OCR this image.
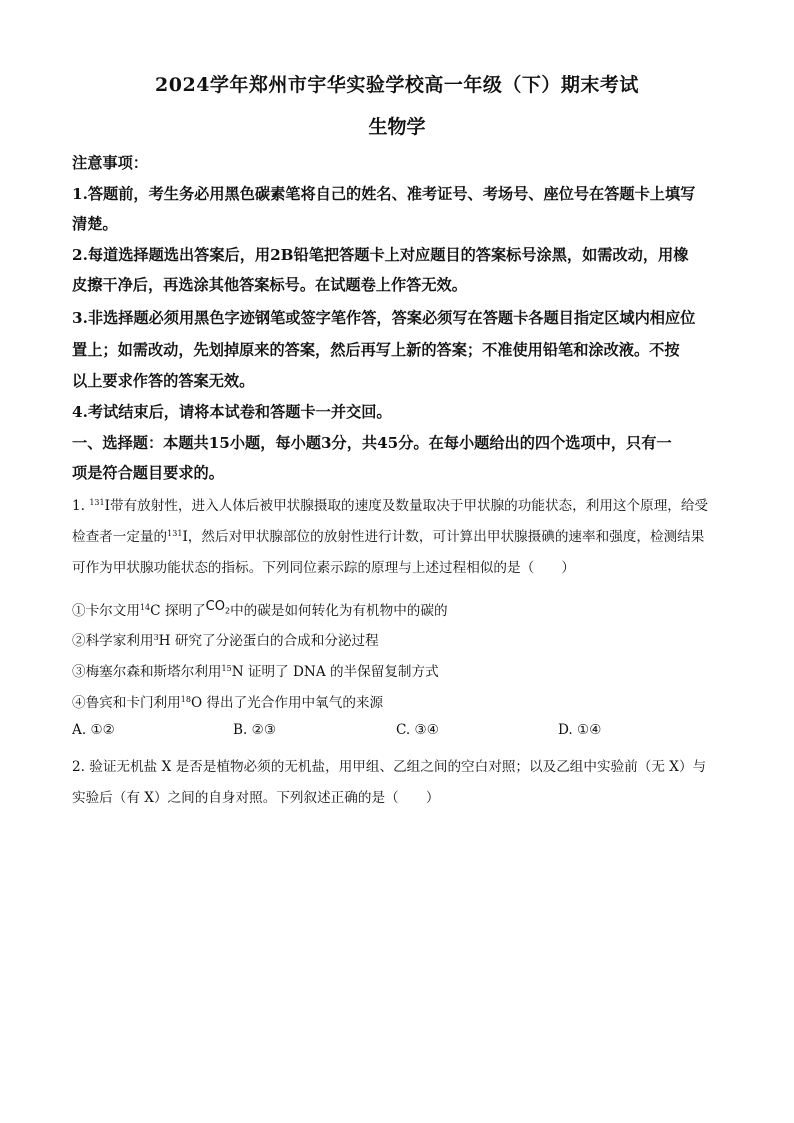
2024学年郑州市宇华实验学校高一年级（下）期末考试
生物学
注意事项：
1.答题前，考生务必用黑色碳素笔将自己的姓名、准考证号、考场号、座位号在答题卡上填写
清楚。
2.每道选择题选出答案后，用2B铅笔把答题卡上对应题目的答案标号涂黑，如需改动，用橡
皮擦干净后，再选涂其他答案标号。在试题卷上作答无效。
3.非选择题必须用黑色字迹钢笔或签字笔作答，答案必须写在答题卡各题目指定区域内相应位
置上；如需改动，先划掉原来的答案，然后再写上新的答案；不准使用铅笔和涂改液。不按
以上要求作答的答案无效。
4.考试结束后，请将本试卷和答题卡一并交回。
一、选择题：本题共15小题，每小题3分，共45分。在每小题给出的四个选项中，只有一
项是符合题目要求的。
1. $^{131}$I带有放射性，进入人体后被甲状腺摄取的速度及数量取决于甲状腺的功能状态，利用这个原理，给受
检查者一定量的$^{131}$I，然后对甲状腺部位的放射性进行计数，可计算出甲状腺摄碘的速率和强度，检测结果
可作为甲状腺功能状态的指标。下列同位素示踪的原理与上述过程相似的是（　　）
①卡尔文用$^{14}$C 探明了$CO_2$中的碳是如何转化为有机物中的碳的
②科学家利用$^3$H 研究了分泌蛋白的合成和分泌过程
③梅塞尔森和斯塔尔利用$^{15}$N 证明了 DNA 的半保留复制方式
④鲁宾和卡门利用$^{18}$O 得出了光合作用中氧气的来源
A. ①②	B. ②③	C. ③④	D. ①④
2. 验证无机盐 X 是否是植物必须的无机盐，用甲组、乙组之间的空白对照；以及乙组中实验前（无 X）与
实验后（有 X）之间的自身对照。下列叙述正确的是（　　）
